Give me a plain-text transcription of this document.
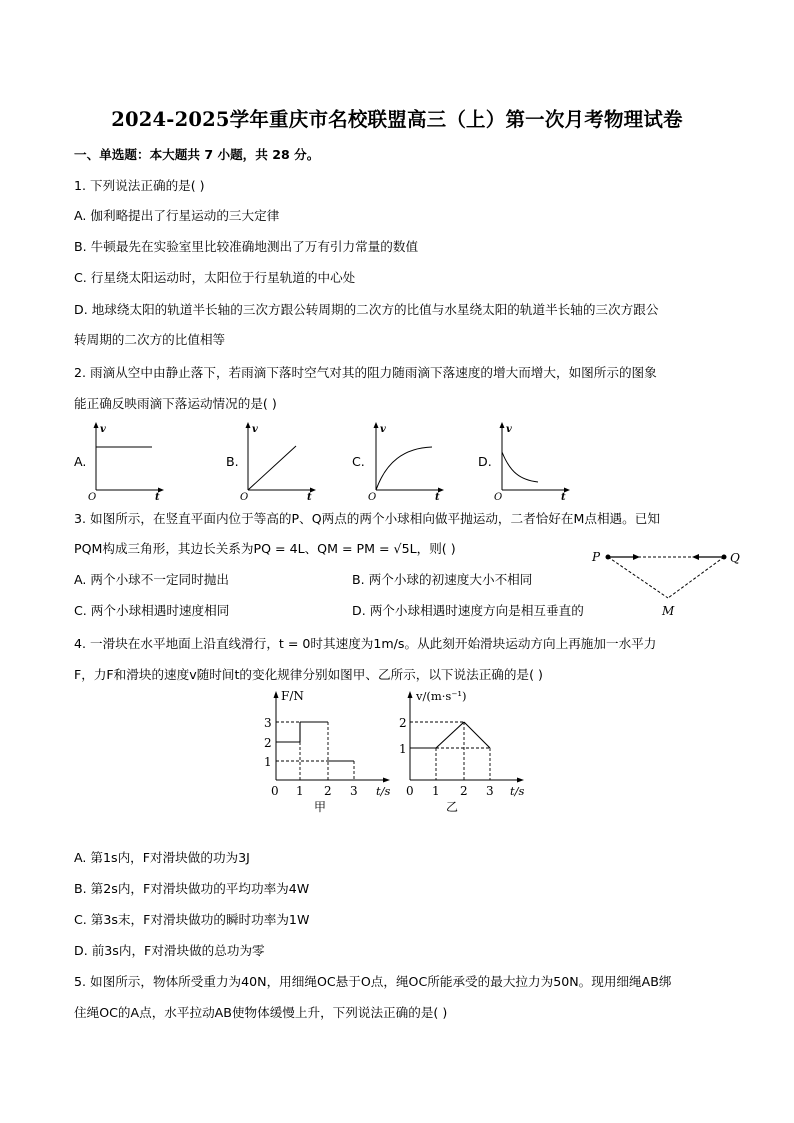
2024-2025学年重庆市名校联盟高三（上）第一次月考物理试卷
一、单选题：本大题共 7 小题，共 28 分。
1. 下列说法正确的是( )
A. 伽利略提出了行星运动的三大定律
B. 牛顿最先在实验室里比较准确地测出了万有引力常量的数值
C. 行星绕太阳运动时，太阳位于行星轨道的中心处
D. 地球绕太阳的轨道半长轴的三次方跟公转周期的二次方的比值与水星绕太阳的轨道半长轴的三次方跟公
转周期的二次方的比值相等
2. 雨滴从空中由静止落下，若雨滴下落时空气对其的阻力随雨滴下落速度的增大而增大，如图所示的图象
能正确反映雨滴下落运动情况的是( )
A.	B.	C.	D.
v
t
O
v
t
O
v
t
O
v
t
O
3. 如图所示，在竖直平面内位于等高的P、Q两点的两个小球相向做平抛运动，二者恰好在M点相遇。已知
PQM构成三角形，其边长关系为PQ = 4L、QM = PM = √5L，则( )
A. 两个小球不一定同时抛出	B. 两个小球的初速度大小不相同
C. 两个小球相遇时速度相同	D. 两个小球相遇时速度方向是相互垂直的
P	Q
M
4. 一滑块在水平地面上沿直线滑行，t = 0时其速度为1m/s。从此刻开始滑块运动方向上再施加一水平力
F，力F和滑块的速度v随时间t的变化规律分别如图甲、乙所示，以下说法正确的是( )
F/N
3
2
1
0 1 2 3 t/s
甲
v/(m·s⁻¹)
2
1
0 1 2 3 t/s
乙
A. 第1s内，F对滑块做的功为3J
B. 第2s内，F对滑块做功的平均功率为4W
C. 第3s末，F对滑块做功的瞬时功率为1W
D. 前3s内，F对滑块做的总功为零
5. 如图所示，物体所受重力为40N，用细绳OC悬于O点，绳OC所能承受的最大拉力为50N。现用细绳AB绑
住绳OC的A点，水平拉动AB使物体缓慢上升，下列说法正确的是( )
